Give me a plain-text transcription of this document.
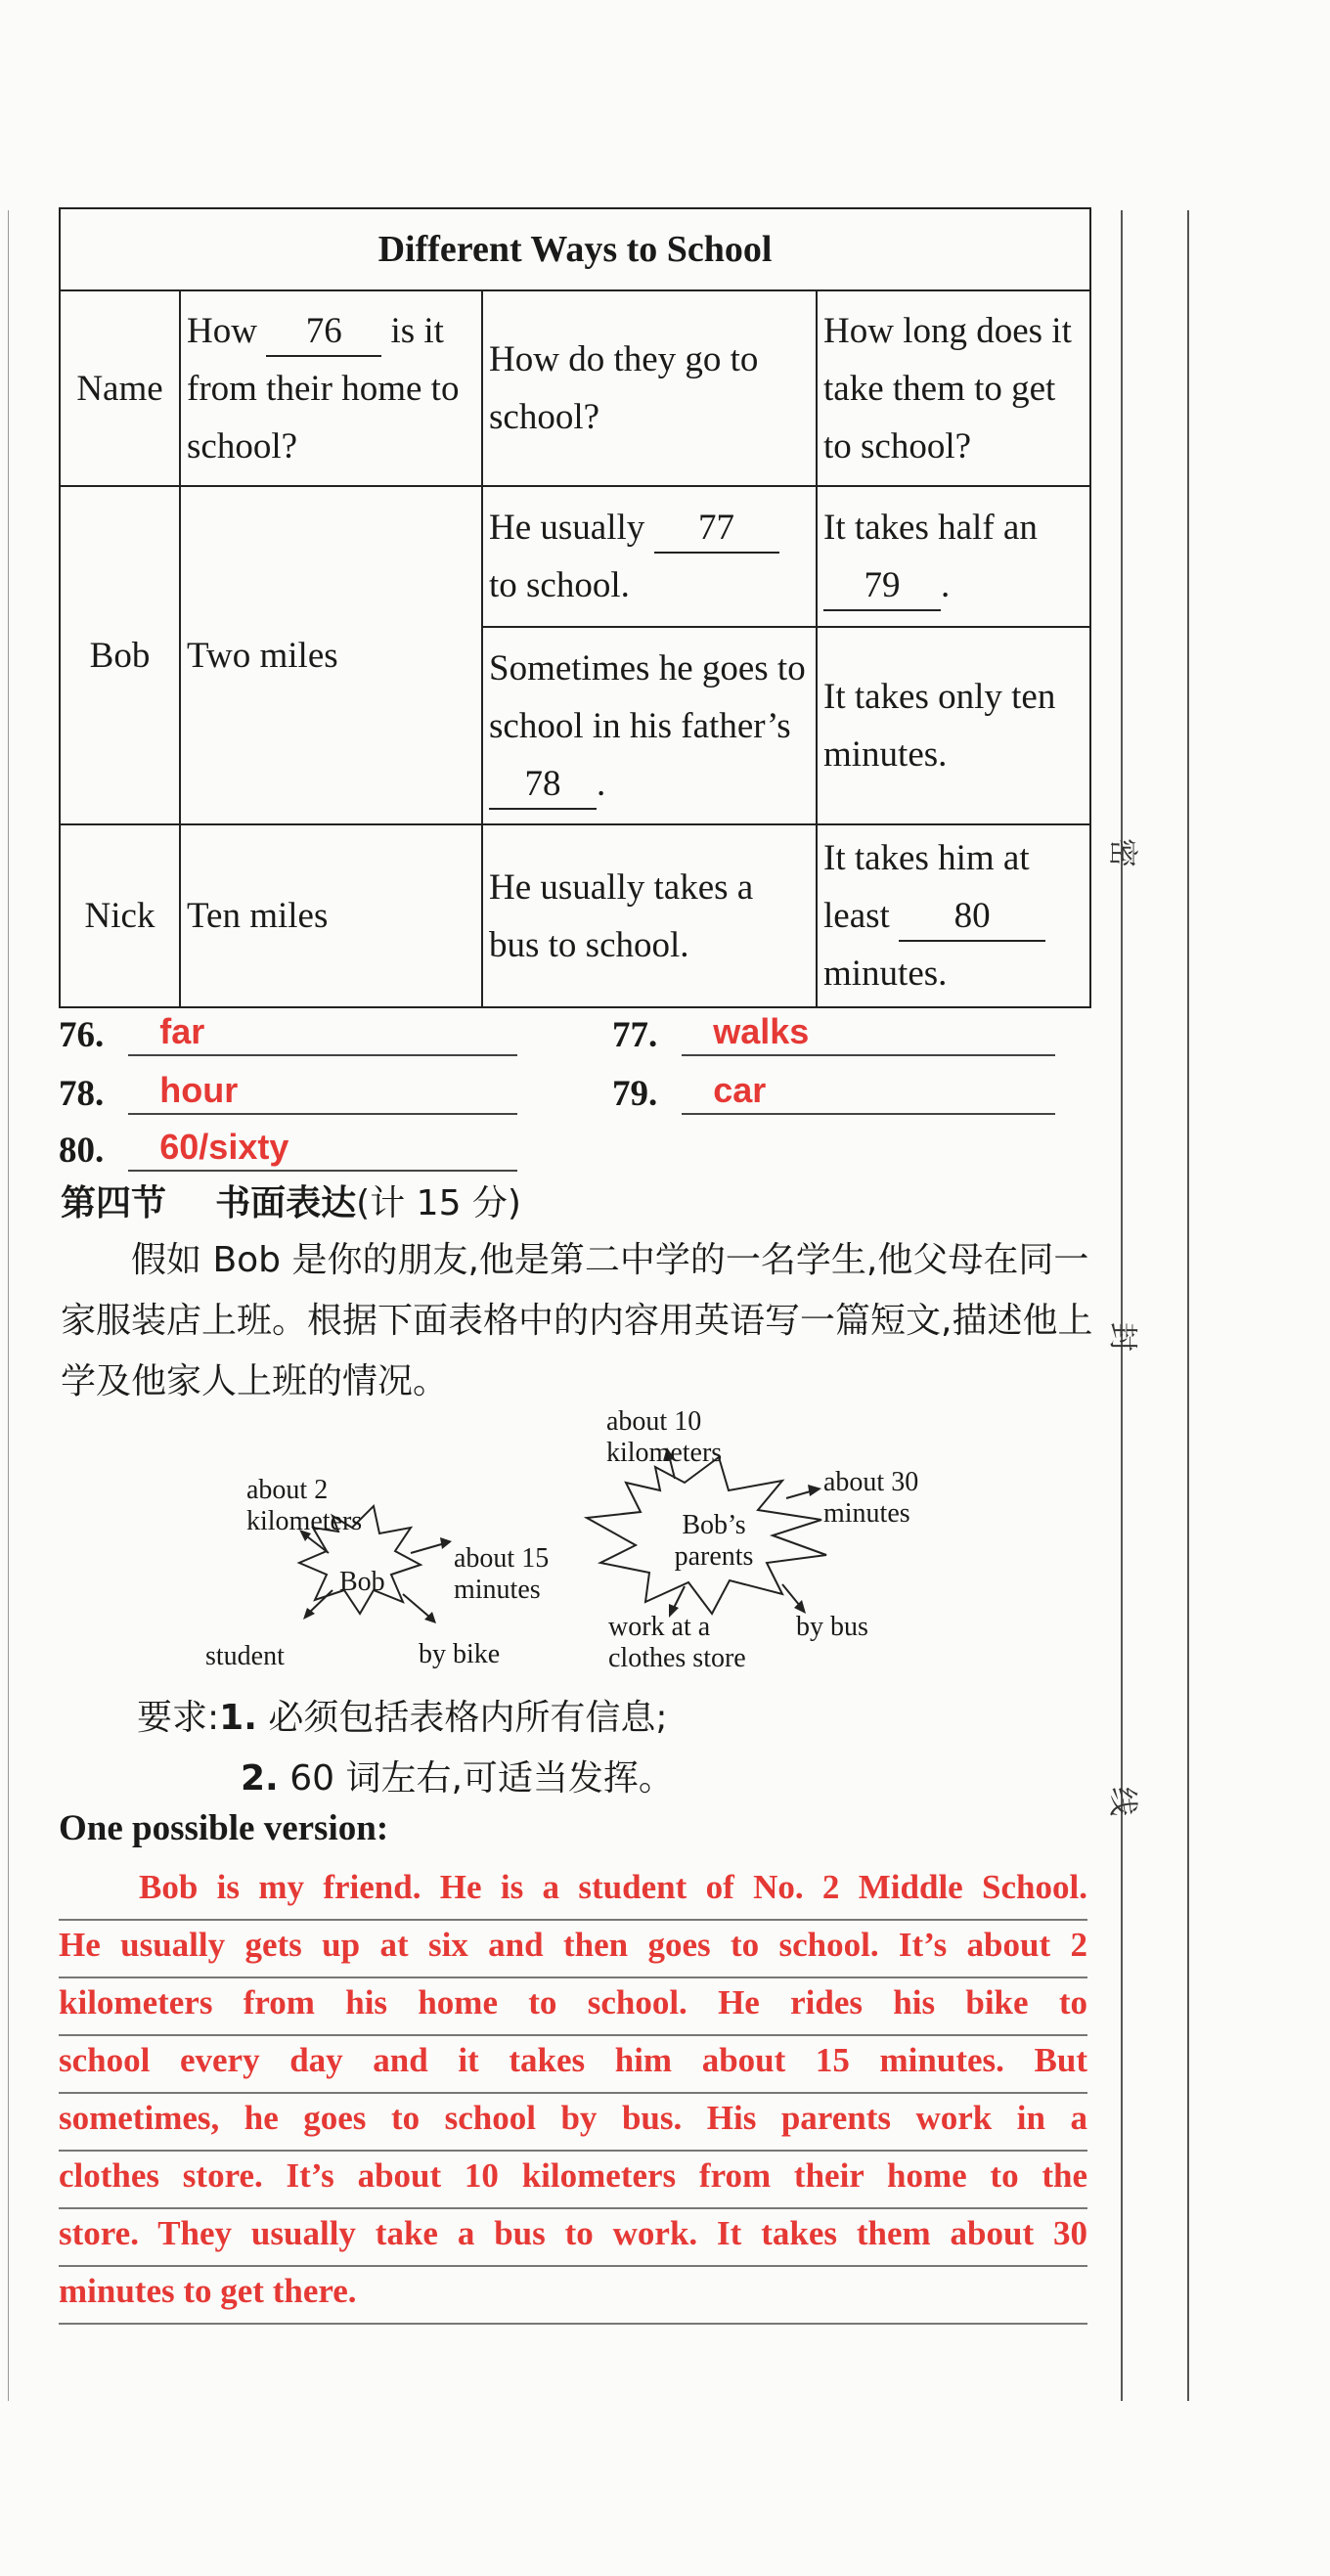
密
封
线
Different Ways to School			
Name	How 76 is it from their home to school?	How do they go to school?	How long does it take them to get to school?
Bob	Two miles	He usually 77 to school.	It takes half an 79 .
		Sometimes he goes to school in his father’s 78 .	It takes only ten minutes.
Nick	Ten miles	He usually takes a bus to school.	It takes him at least 80 minutes.
76. far	77. walks
78. hour	79. car
80. 60/sixty
第四节 书面表达(计 15 分)
假如 Bob 是你的朋友,他是第二中学的一名学生,他父母在同一家服装店上班。根据下面表格中的内容用英语写一篇短文,描述他上学及他家人上班的情况。
Bob
about 2 kilometers
about 15 minutes
student	by bike
Bob’s parents
about 10 kilometers
about 30 minutes
work at a clothes store
by bus
要求:1. 必须包括表格内所有信息;
2. 60 词左右,可适当发挥。
One possible version:
Bob is my friend. He is a student of No. 2 Middle School.
He usually gets up at six and then goes to school. It’s about 2
kilometers from his home to school. He rides his bike to
school every day and it takes him about 15 minutes. But
sometimes, he goes to school by bus. His parents work in a
clothes store. It’s about 10 kilometers from their home to the
store. They usually take a bus to work. It takes them about 30
minutes to get there.
